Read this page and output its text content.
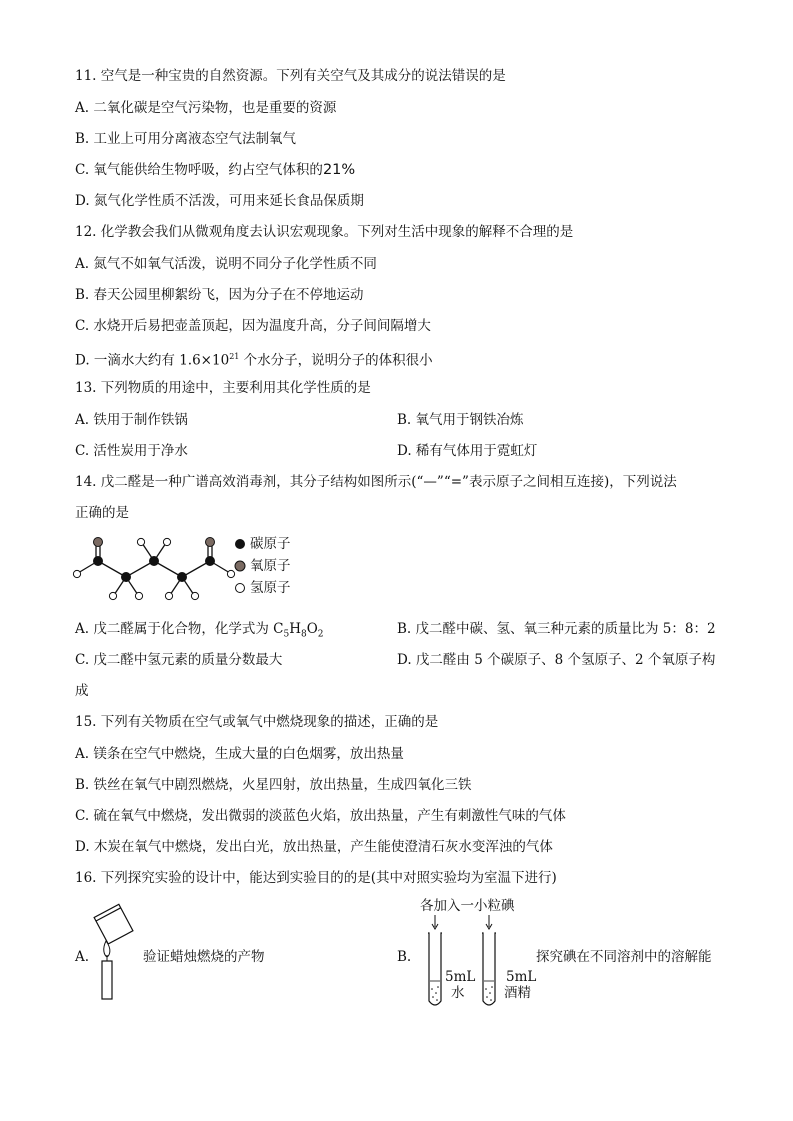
11. 空气是一种宝贵的自然资源。下列有关空气及其成分的说法错误的是
A. 二氧化碳是空气污染物，也是重要的资源
B. 工业上可用分离液态空气法制氧气
C. 氧气能供给生物呼吸，约占空气体积的21%
D. 氮气化学性质不活泼，可用来延长食品保质期
12. 化学教会我们从微观角度去认识宏观现象。下列对生活中现象的解释不合理的是
A. 氮气不如氧气活泼，说明不同分子化学性质不同
B. 春天公园里柳絮纷飞，因为分子在不停地运动
C. 水烧开后易把壶盖顶起，因为温度升高，分子间间隔增大
D. 一滴水大约有 $1.6\times 10^{21}$ 个水分子，说明分子的体积很小
13. 下列物质的用途中，主要利用其化学性质的是
A. 铁用于制作铁锅	B. 氧气用于钢铁冶炼
C. 活性炭用于净水	D. 稀有气体用于霓虹灯
14. 戊二醛是一种广谱高效消毒剂，其分子结构如图所示(“—”“=”表示原子之间相互连接)，下列说法
正确的是
碳原子
氧原子
氢原子
A. 戊二醛属于化合物，化学式为 $C_5H_8O_2$	B. 戊二醛中碳、氢、氧三种元素的质量比为 5：8：2
C. 戊二醛中氢元素的质量分数最大	D. 戊二醛由 5 个碳原子、8 个氢原子、2 个氧原子构
成
15. 下列有关物质在空气或氧气中燃烧现象的描述，正确的是
A. 镁条在空气中燃烧，生成大量的白色烟雾，放出热量
B. 铁丝在氧气中剧烈燃烧，火星四射，放出热量，生成四氧化三铁
C. 硫在氧气中燃烧，发出微弱的淡蓝色火焰，放出热量，产生有刺激性气味的气体
D. 木炭在氧气中燃烧，发出白光，放出热量，产生能使澄清石灰水变浑浊的气体
16. 下列探究实验的设计中，能达到实验目的的是(其中对照实验均为室温下进行)
A.	验证蜡烛燃烧的产物	B.
各加入一小粒碘
5mL
水
5mL
酒精
探究碘在不同溶剂中的溶解能
